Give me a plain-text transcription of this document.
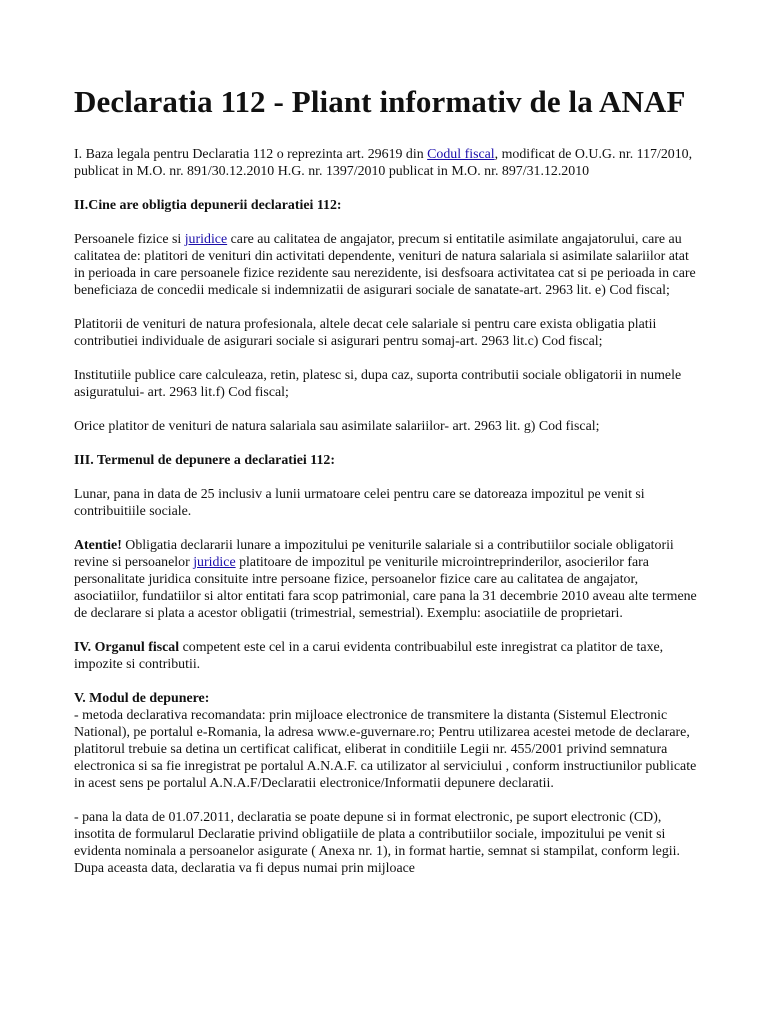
Declaratia 112 - Pliant informativ de la ANAF

I. Baza legala pentru Declaratia 112 o reprezinta art. 29619 din Codul fiscal, modificat de O.U.G. nr. 117/2010, publicat in M.O. nr. 891/30.12.2010 H.G. nr. 1397/2010 publicat in M.O. nr. 897/31.12.2010

II.Cine are obligtia depunerii declaratiei 112:

Persoanele fizice si juridice care au calitatea de angajator, precum si entitatile asimilate angajatorului, care au calitatea de: platitori de venituri din activitati dependente, venituri de natura salariala si asimilate salariilor atat in perioada in care persoanele fizice rezidente sau nerezidente, isi desfsoara activitatea cat si pe perioada in care beneficiaza de concedii medicale si indemnizatii de asigurari sociale de sanatate-art. 2963 lit. e) Cod fiscal;

Platitorii de venituri de natura profesionala, altele decat cele salariale si pentru care exista obligatia platii contributiei individuale de asigurari sociale si asigurari pentru somaj-art. 2963 lit.c) Cod fiscal;

Institutiile publice care calculeaza, retin, platesc si, dupa caz, suporta contributii sociale obligatorii in numele asiguratului- art. 2963 lit.f) Cod fiscal;

Orice platitor de venituri de natura salariala sau asimilate salariilor- art. 2963 lit. g) Cod fiscal;

III. Termenul de depunere a declaratiei 112:

Lunar, pana in data de 25 inclusiv a lunii urmatoare celei pentru care se datoreaza impozitul pe venit si contribuitiile sociale.

Atentie! Obligatia declararii lunare a impozitului pe veniturile salariale si a contributiilor sociale obligatorii revine si persoanelor juridice platitoare de impozitul pe veniturile microintreprinderilor, asocierilor fara personalitate juridica consituite intre persoane fizice, persoanelor fizice care au calitatea de angajator, asociatiilor, fundatiilor si altor entitati fara scop patrimonial, care pana la 31 decembrie 2010 aveau alte termene de declarare si plata a acestor obligatii (trimestrial, semestrial). Exemplu: asociatiile de proprietari.

IV. Organul fiscal competent este cel in a carui evidenta contribuabilul este inregistrat ca platitor de taxe, impozite si contributii.

V. Modul de depunere:
- metoda declarativa recomandata: prin mijloace electronice de transmitere la distanta (Sistemul Electronic National), pe portalul e-Romania, la adresa www.e-guvernare.ro; Pentru utilizarea acestei metode de declarare, platitorul trebuie sa detina un certificat calificat, eliberat in conditiile Legii nr. 455/2001 privind semnatura electronica si sa fie inregistrat pe portalul A.N.A.F. ca utilizator al serviciului , conform instructiunilor publicate in acest sens pe portalul A.N.A.F/Declaratii electronice/Informatii depunere declaratii.

- pana la data de 01.07.2011, declaratia se poate depune si in format electronic, pe suport electronic (CD), insotita de formularul Declaratie privind obligatiile de plata a contributiilor sociale, impozitului pe venit si evidenta nominala a persoanelor asigurate ( Anexa nr. 1), in format hartie, semnat si stampilat, conform legii. Dupa aceasta data, declaratia va fi depus numai prin mijloace
